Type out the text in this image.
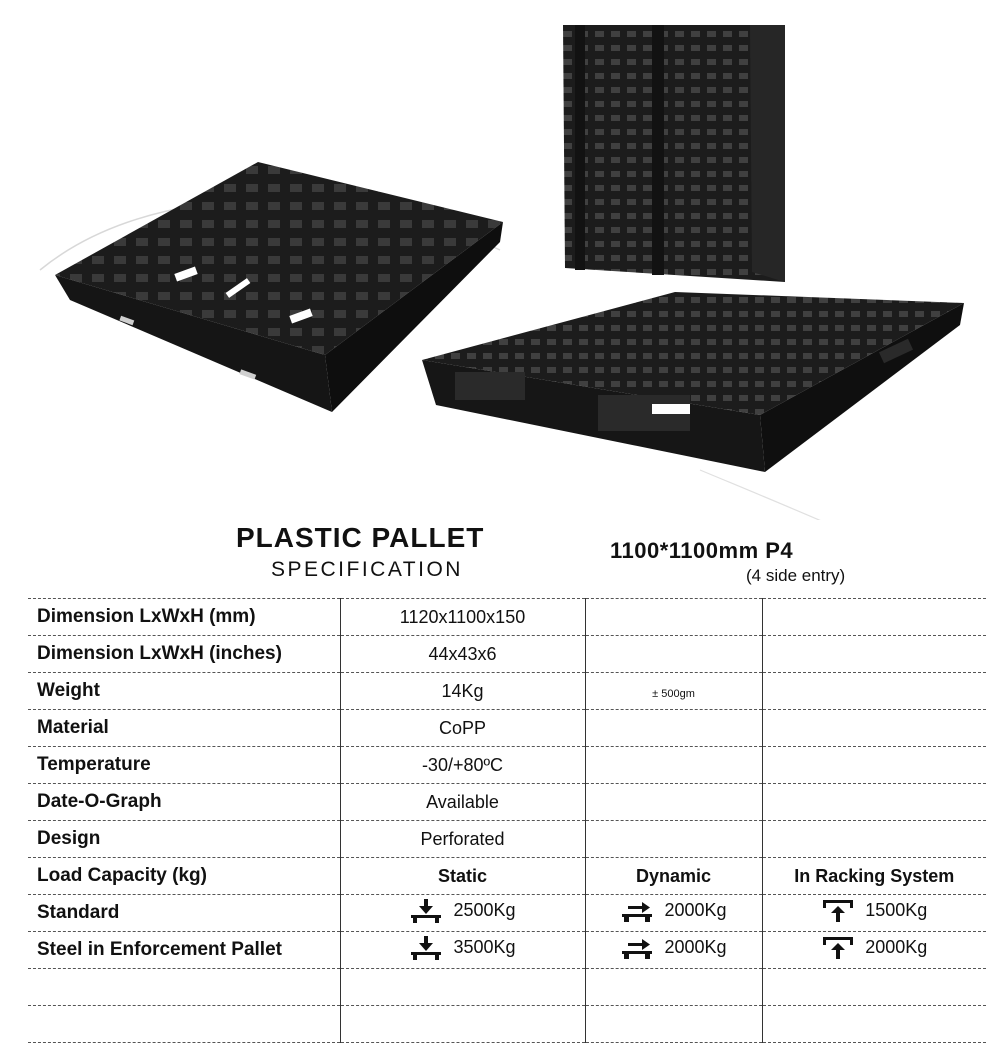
PLASTIC PALLET
SPECIFICATION
1100*1100mm P4
(4 side entry)
Dimension LxWxH (mm)	1120x1100x150		
Dimension LxWxH (inches)	44x43x6		
Weight	14Kg	± 500gm	
Material	CoPP		
Temperature	-30/+80ºC		
Date-O-Graph	Available		
Design	Perforated		
Load Capacity (kg)	Static	Dynamic	In Racking System
Standard	2500Kg	2000Kg	1500Kg

Steel in Enforcement Pallet	3500Kg	2000Kg	2000Kg
